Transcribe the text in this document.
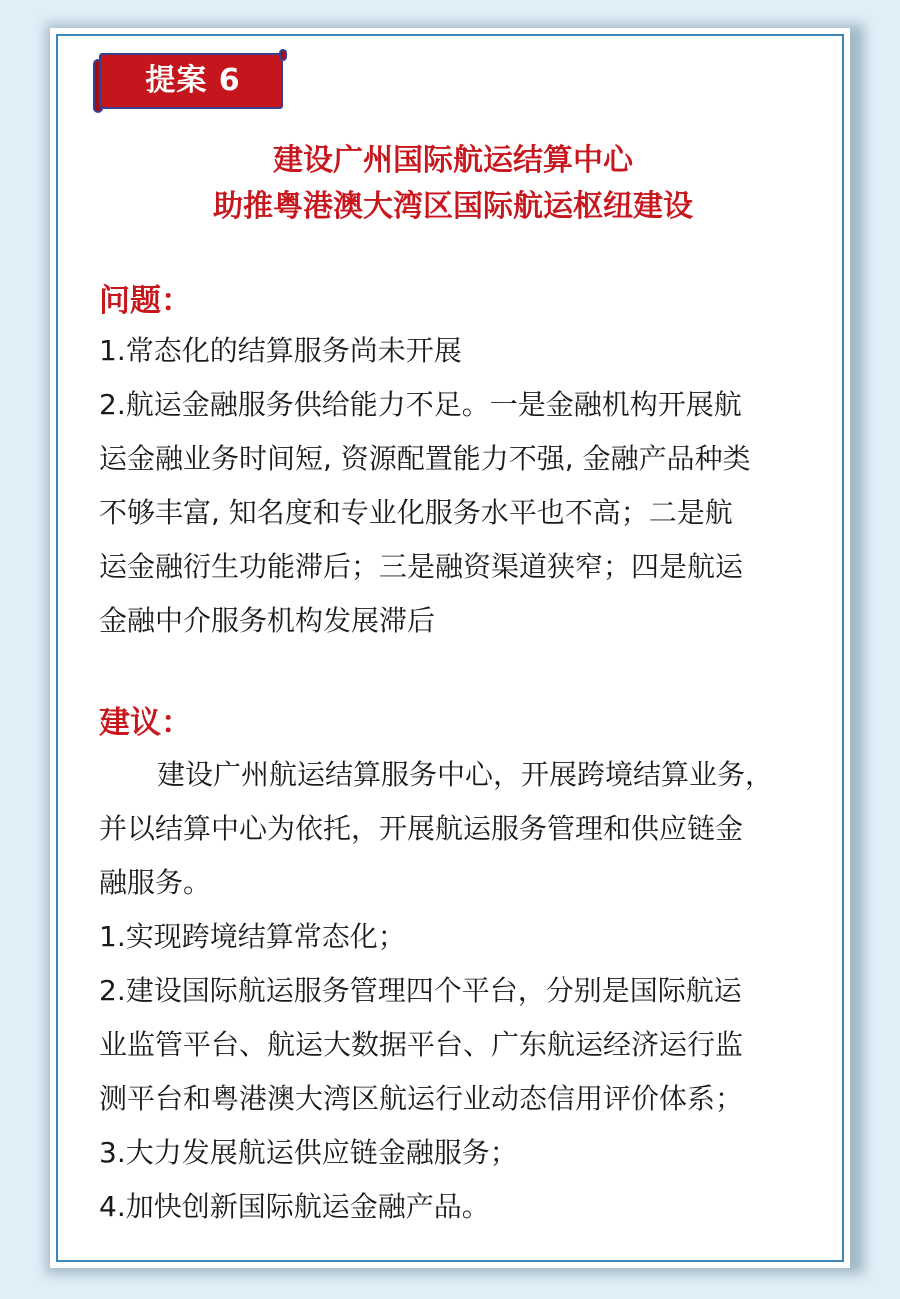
提案 6
建设广州国际航运结算中心
助推粤港澳大湾区国际航运枢纽建设
问题：
1.常态化的结算服务尚未开展
2.航运金融服务供给能力不足。一是金融机构开展航
运金融业务时间短, 资源配置能力不强, 金融产品种类
不够丰富, 知名度和专业化服务水平也不高；二是航
运金融衍生功能滞后；三是融资渠道狭窄；四是航运
金融中介服务机构发展滞后
建议：
建设广州航运结算服务中心，开展跨境结算业务，
并以结算中心为依托，开展航运服务管理和供应链金
融服务。
1.实现跨境结算常态化；
2.建设国际航运服务管理四个平台，分别是国际航运
业监管平台、航运大数据平台、广东航运经济运行监
测平台和粤港澳大湾区航运行业动态信用评价体系；
3.大力发展航运供应链金融服务；
4.加快创新国际航运金融产品。
